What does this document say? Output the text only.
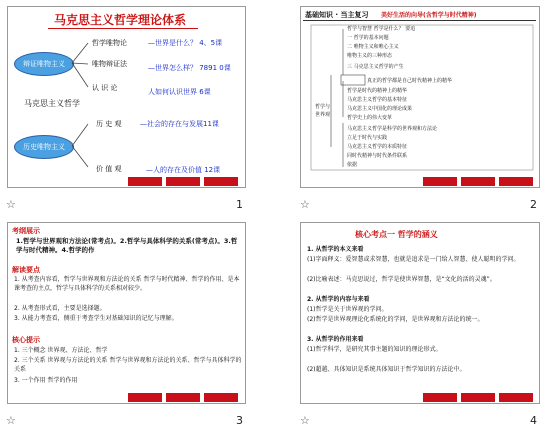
马克思主义哲学理论体系
辩证唯物主义
历史唯物主义
马克思主义哲学
哲学唯物论	—世界是什么？ 4、5课
唯物辩证法	—世界怎么样？ 7891 0课
认 识 论	人如何认识世界 6课
历 史 观	—社会的存在与发展11课
价 值 观	—人的存在及价值 12课
☆	1
基础知识 · 当主复习 美好生活的向导(含哲学与时代精神)
哲学与智慧 哲学是什么？ 要追
一 哲学的基本问题
二 唯物主义和唯心主义
唯物主义的三种形态
哲学与
世界观
三 马克思主义哲学的产生
真正的哲学都是自己时代精神上的精华
哲学是时代的精神上的精华
马克思主义哲学的基本特征
马克思主义中国化的理论成果
哲学史上的伟大变革
马克思主义哲学是科学的世界观和方法论
立足于时代与实践
马克思主义哲学的本质特征
同时代精神与时代条件联系
依据
☆	2
考纲展示
1.哲学与世界观和方法论(常考点)。2.哲学与具体科学的关系(常考点)。3.哲学与时代精神。4.哲学的作
解读要点
1. 从考查内容看，哲学与世界观和方法论的关系 哲学与时代精神、哲学的作用、是本课考查的主点，哲学与具体科学的关系相对较少。
2. 从考查形式看，主要是选择题。
3. 从能力考查看，侧重于考查学生对基础知识的记忆与理解。
核心提示
1. 三个概念 世界观、方法论、哲学
2. 三个关系 世界观与方法论的关系 哲学与世界观和方法论的关系、哲学与具体科学的关系
3. 一个作用 哲学的作用
☆	3
核心考点一 哲学的涵义
1. 从哲学的本义来看
(1)字面释义：爱智慧或求智慧，也就是追求是一门给人智慧、使人聪明的学问。
(2)比喻表述：马克思说过，哲学是使世界智慧，是“文化的活的灵魂”。
2. 从哲学的内容与来看
(1)哲学是关于世界观的学问。
(2)哲学是世界观理论化系统化的学问，是世界观和方法论的统一。
3. 从哲学的作用来看
(1)哲学科学，是研究其事主题的知识的理论形式。
(2)超越、具体知识是系统具体知识于哲学知识的方法论中。
☆	4
